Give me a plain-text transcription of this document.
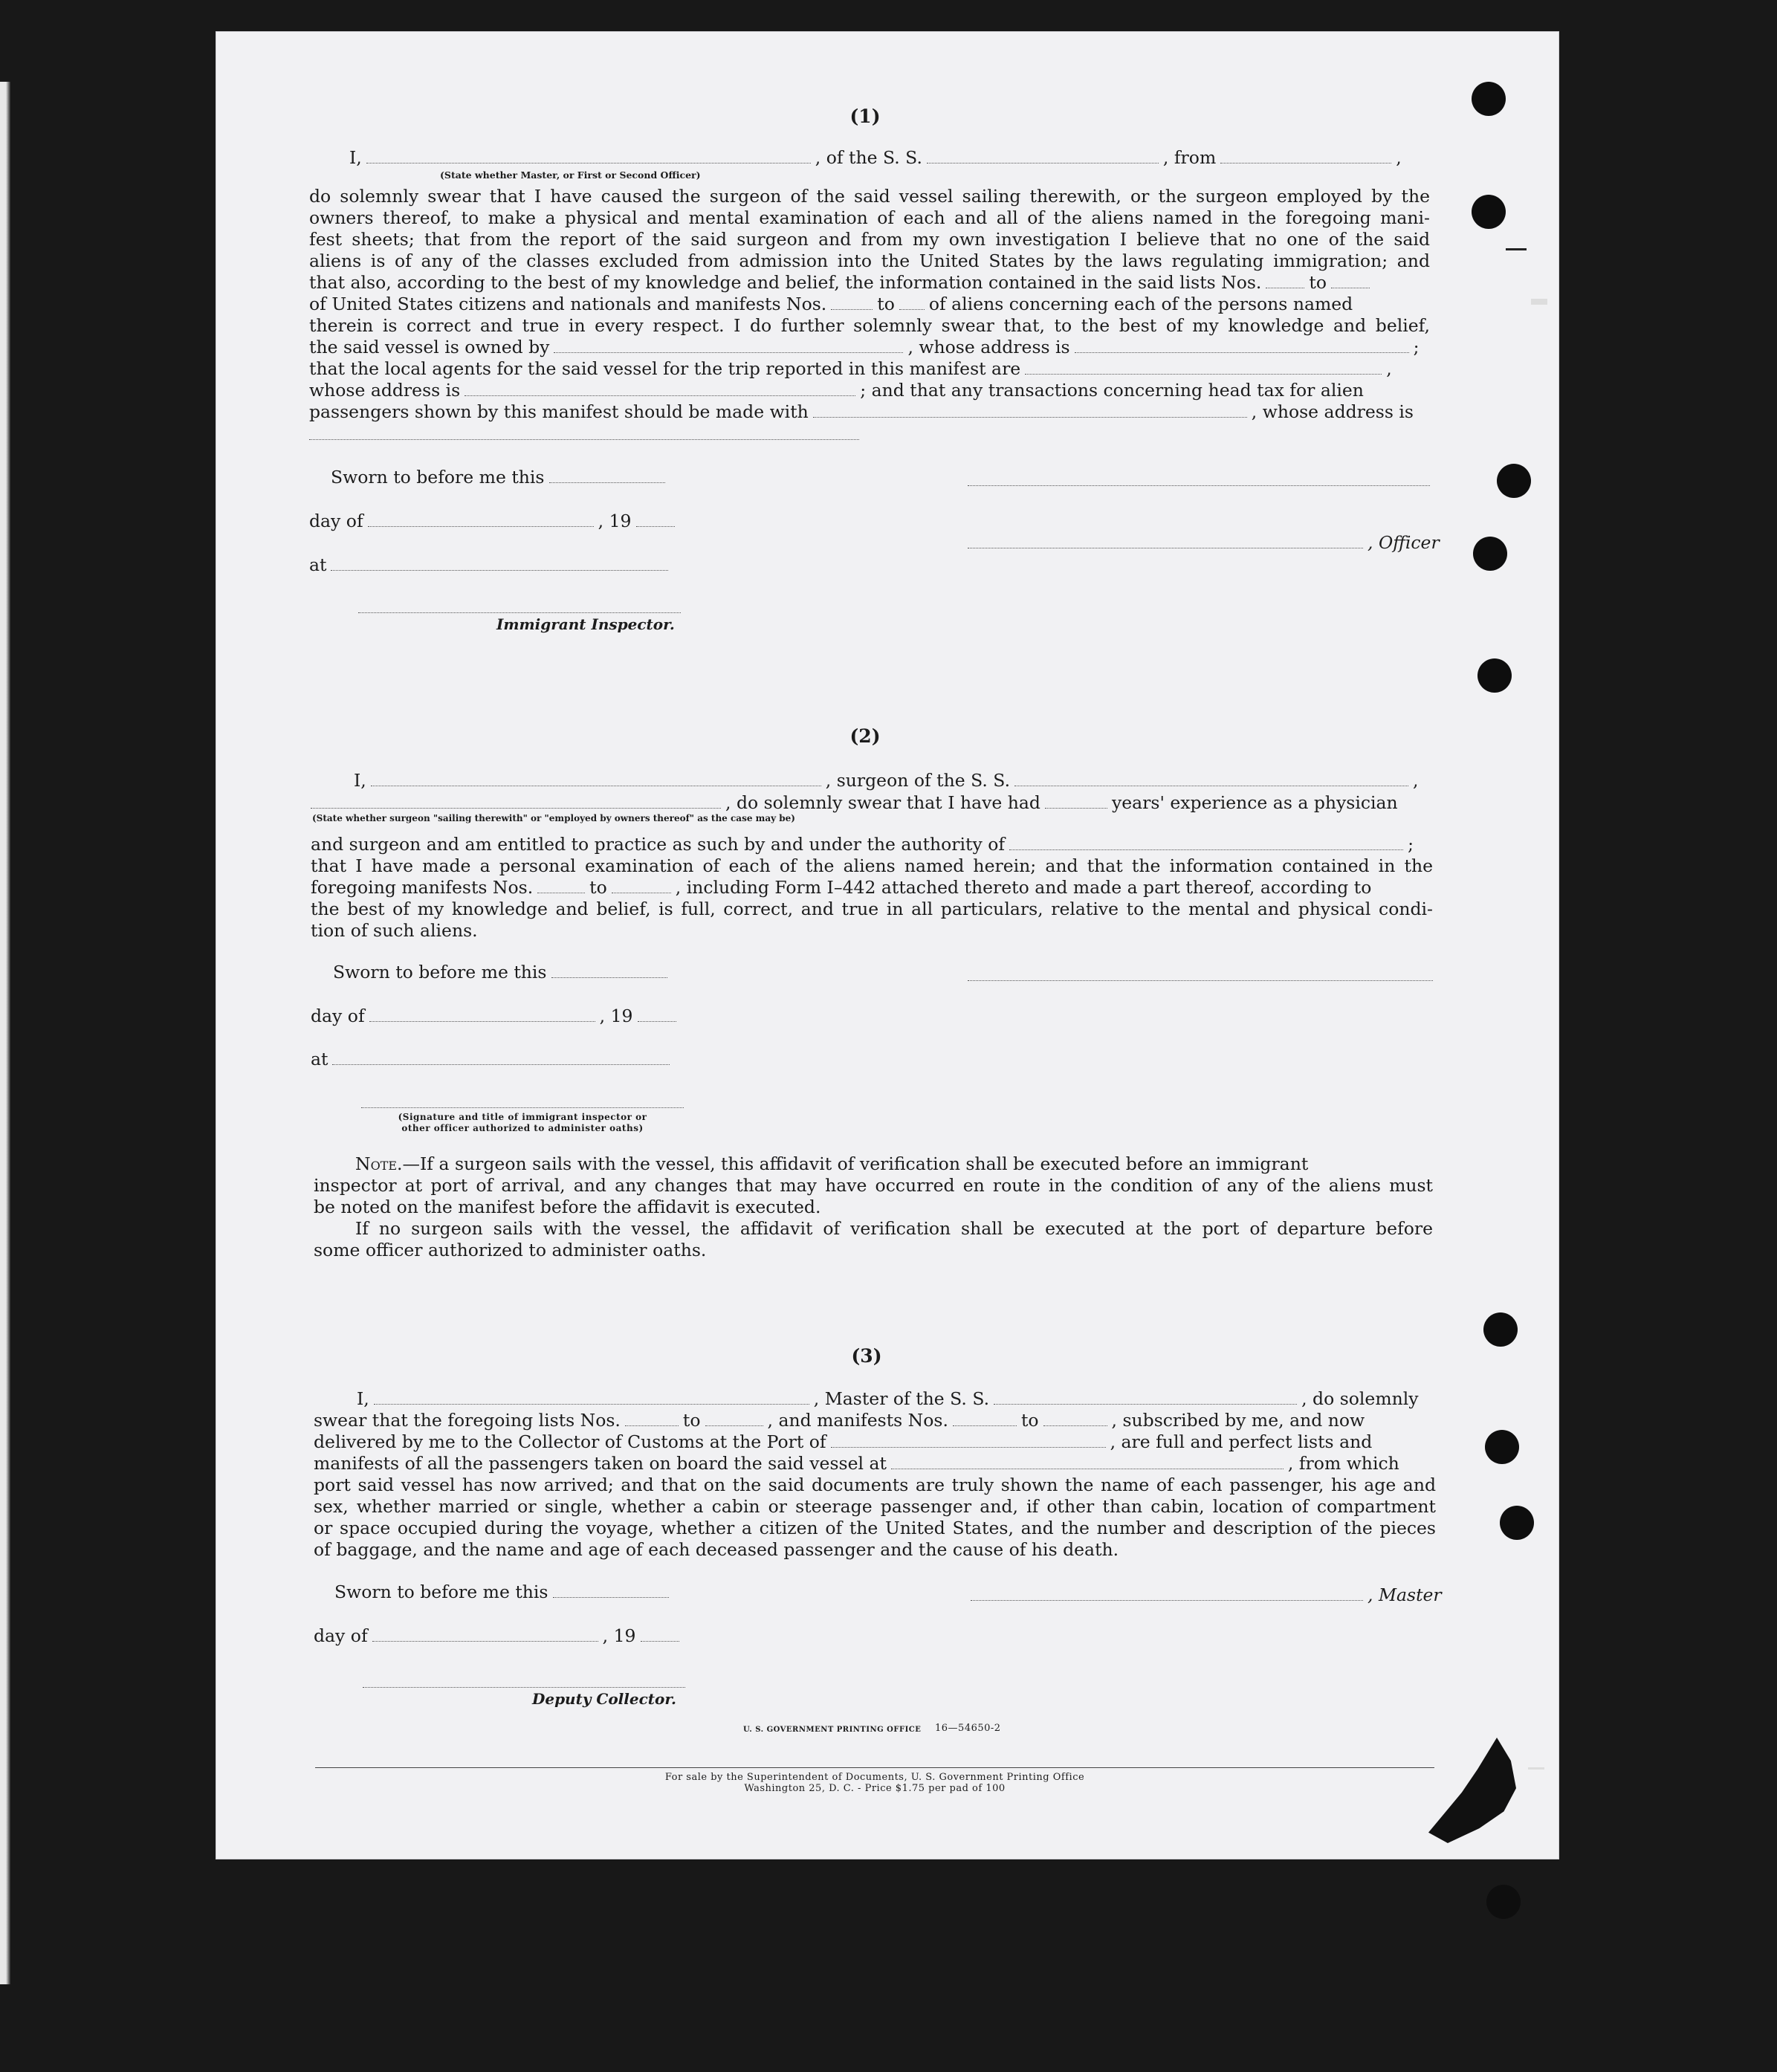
(1)
I,	, of the S. S.	, from	,
(State whether Master, or First or Second Officer)
do solemnly swear that I have caused the surgeon of the said vessel sailing therewith, or the surgeon employed by the
owners thereof, to make a physical and mental examination of each and all of the aliens named in the foregoing mani-
fest sheets; that from the report of the said surgeon and from my own investigation I believe that no one of the said
aliens is of any of the classes excluded from admission into the United States by the laws regulating immigration; and
that also, according to the best of my knowledge and belief, the information contained in the said lists Nos.	to
of United States citizens and nationals and manifests Nos.	to of aliens concerning each of the persons named
therein is correct and true in every respect. I do further solemnly swear that, to the best of my knowledge and belief,
the said vessel is owned by	, whose address is	;
that the local agents for the said vessel for the trip reported in this manifest are	,
whose address is	; and that any transactions concerning head tax for alien
passengers shown by this manifest should be made with	, whose address is
Sworn to before me this
day of	, 19
, Officer
at
Immigrant Inspector.
(2)
I,	, surgeon of the S. S.	,
, do solemnly swear that I have had	years' experience as a physician
(State whether surgeon "sailing therewith" or "employed by owners thereof" as the case may be)
and surgeon and am entitled to practice as such by and under the authority of	;
that I have made a personal examination of each of the aliens named herein; and that the information contained in the
foregoing manifests Nos.	to	, including Form I–442 attached thereto and made a part thereof, according to
the best of my knowledge and belief, is full, correct, and true in all particulars, relative to the mental and physical condi-
tion of such aliens.
Sworn to before me this
day of	, 19
at
(Signature and title of immigrant inspector or
other officer authorized to administer oaths)
Note.—If a surgeon sails with the vessel, this affidavit of verification shall be executed before an immigrant
inspector at port of arrival, and any changes that may have occurred en route in the condition of any of the aliens must
be noted on the manifest before the affidavit is executed.
If no surgeon sails with the vessel, the affidavit of verification shall be executed at the port of departure before
some officer authorized to administer oaths.
(3)
I,	, Master of the S. S.	, do solemnly
swear that the foregoing lists Nos.	to	, and manifests Nos.	to	, subscribed by me, and now
delivered by me to the Collector of Customs at the Port of	, are full and perfect lists and
manifests of all the passengers taken on board the said vessel at	, from which
port said vessel has now arrived; and that on the said documents are truly shown the name of each passenger, his age and
sex, whether married or single, whether a cabin or steerage passenger and, if other than cabin, location of compartment
or space occupied during the voyage, whether a citizen of the United States, and the number and description of the pieces
of baggage, and the name and age of each deceased passenger and the cause of his death.
Sworn to before me this	, Master
day of	, 19
Deputy Collector.
U. S. GOVERNMENT PRINTING OFFICE 16—54650-2
For sale by the Superintendent of Documents, U. S. Government Printing Office
Washington 25, D. C. - Price $1.75 per pad of 100
